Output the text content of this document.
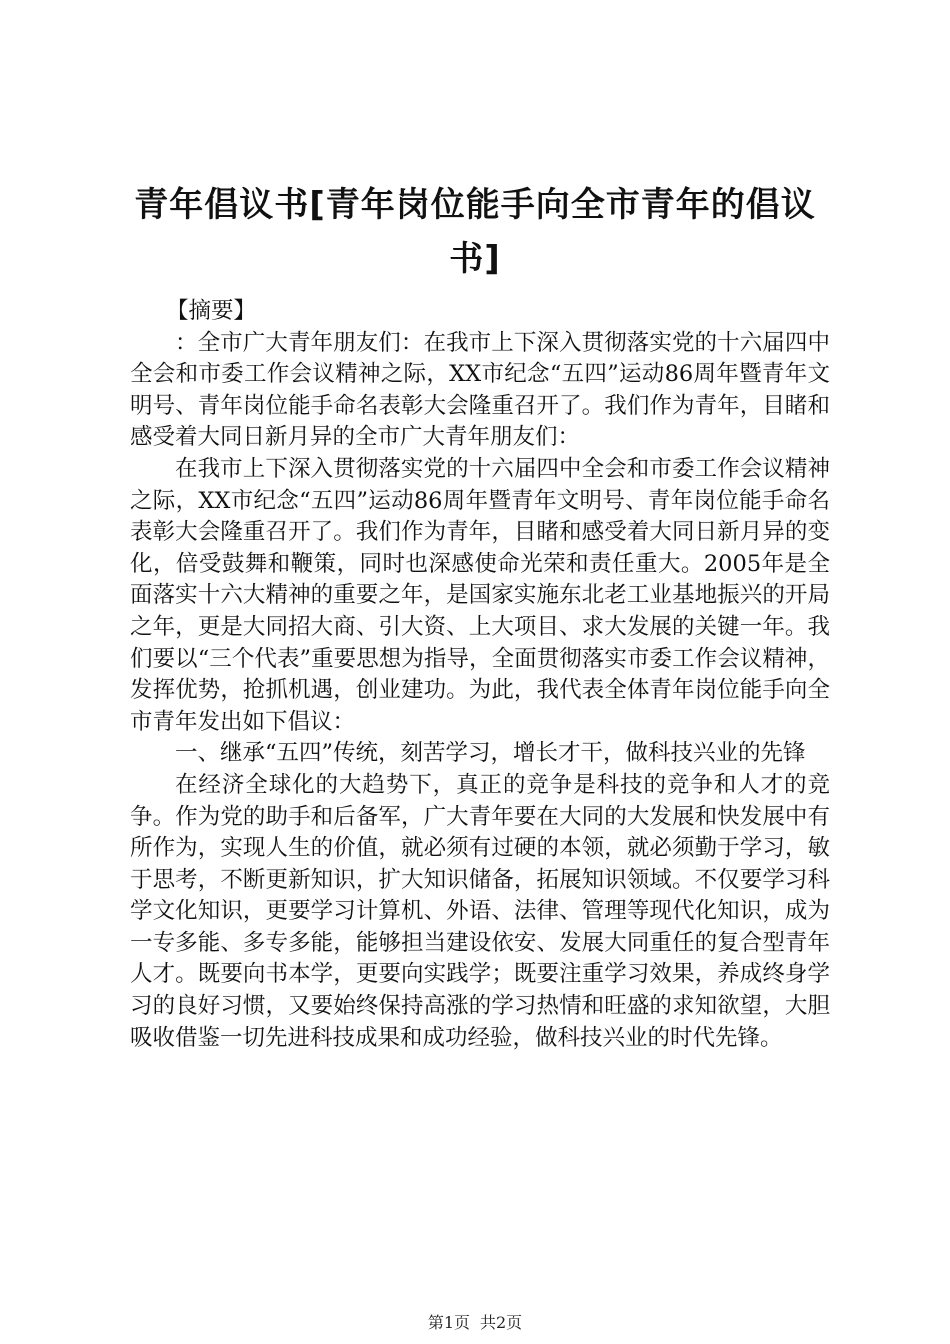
青年倡议书[青年岗位能手向全市青年的倡议书]

【摘要】

：全市广大青年朋友们：在我市上下深入贯彻落实党的十六届四中全会和市委工作会议精神之际，XX市纪念“五四”运动86周年暨青年文明号、青年岗位能手命名表彰大会隆重召开了。我们作为青年，目睹和感受着大同日新月异的全市广大青年朋友们：

在我市上下深入贯彻落实党的十六届四中全会和市委工作会议精神之际，XX市纪念“五四”运动86周年暨青年文明号、青年岗位能手命名表彰大会隆重召开了。我们作为青年，目睹和感受着大同日新月异的变化，倍受鼓舞和鞭策，同时也深感使命光荣和责任重大。2005年是全面落实十六大精神的重要之年，是国家实施东北老工业基地振兴的开局之年，更是大同招大商、引大资、上大项目、求大发展的关键一年。我们要以“三个代表”重要思想为指导，全面贯彻落实市委工作会议精神，发挥优势，抢抓机遇，创业建功。为此，我代表全体青年岗位能手向全市青年发出如下倡议：

一、继承“五四”传统，刻苦学习，增长才干，做科技兴业的先锋

在经济全球化的大趋势下，真正的竞争是科技的竞争和人才的竞争。作为党的助手和后备军，广大青年要在大同的大发展和快发展中有所作为，实现人生的价值，就必须有过硬的本领，就必须勤于学习，敏于思考，不断更新知识，扩大知识储备，拓展知识领域。不仅要学习科学文化知识，更要学习计算机、外语、法律、管理等现代化知识，成为一专多能、多专多能，能够担当建设依安、发展大同重任的复合型青年人才。既要向书本学，更要向实践学；既要注重学习效果，养成终身学习的良好习惯，又要始终保持高涨的学习热情和旺盛的求知欲望，大胆吸收借鉴一切先进科技成果和成功经验，做科技兴业的时代先锋。

第1页 共2页
